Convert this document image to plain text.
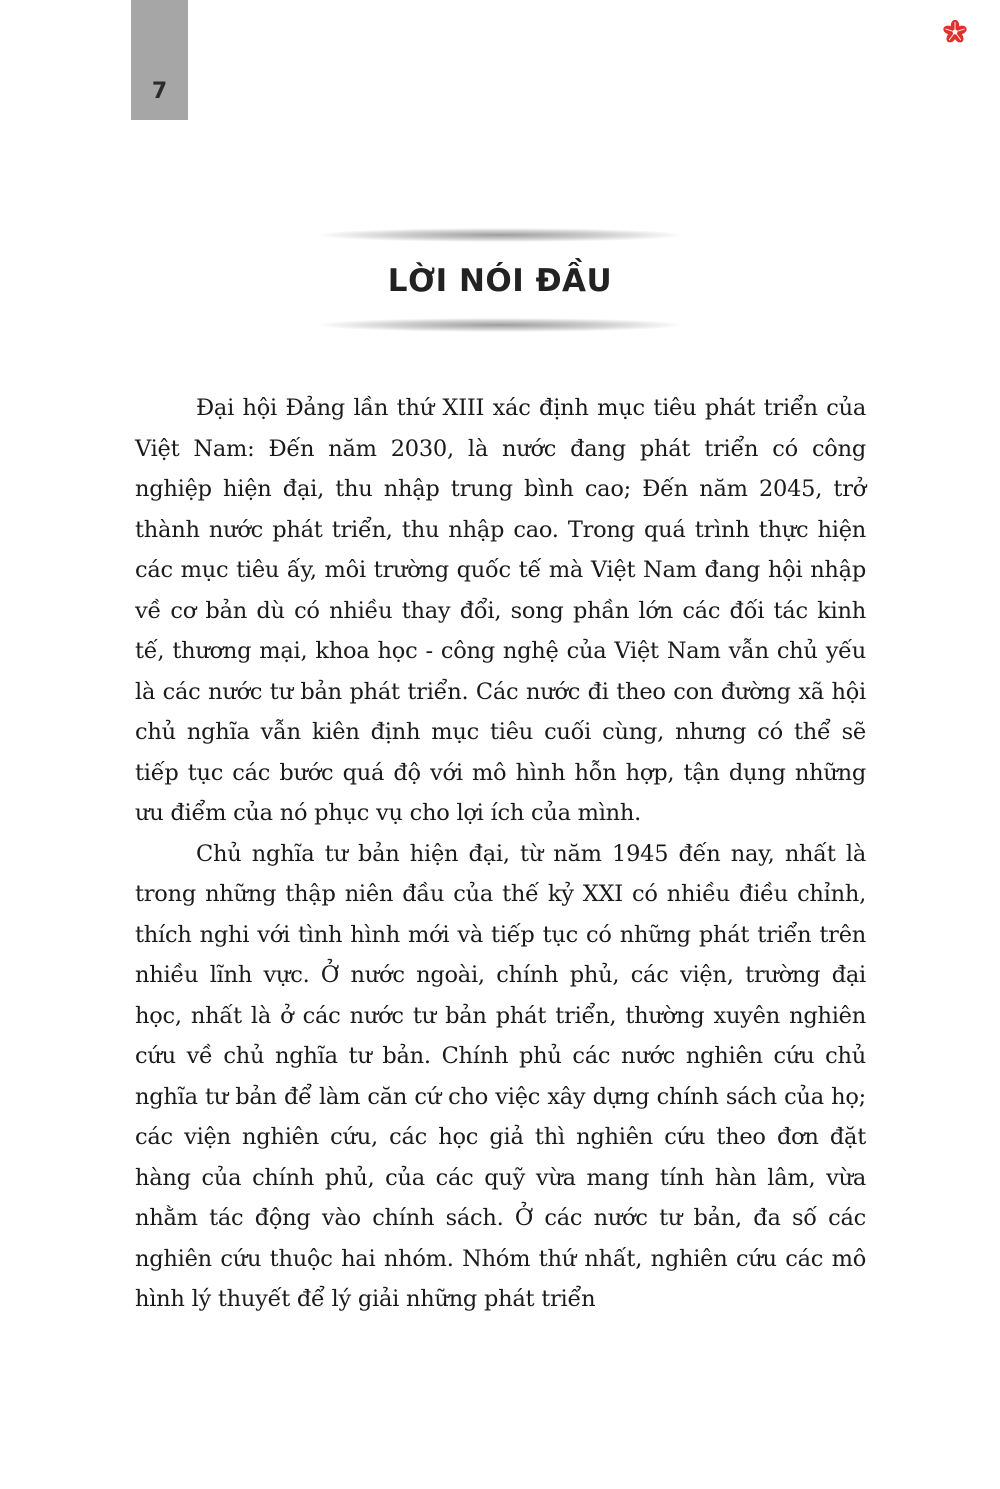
7
LỜI NÓI ĐẦU

Đại hội Đảng lần thứ XIII xác định mục tiêu phát triển của Việt Nam: Đến năm 2030, là nước đang phát triển có công nghiệp hiện đại, thu nhập trung bình cao; Đến năm 2045, trở thành nước phát triển, thu nhập cao. Trong quá trình thực hiện các mục tiêu ấy, môi trường quốc tế mà Việt Nam đang hội nhập về cơ bản dù có nhiều thay đổi, song phần lớn các đối tác kinh tế, thương mại, khoa học - công nghệ của Việt Nam vẫn chủ yếu là các nước tư bản phát triển. Các nước đi theo con đường xã hội chủ nghĩa vẫn kiên định mục tiêu cuối cùng, nhưng có thể sẽ tiếp tục các bước quá độ với mô hình hỗn hợp, tận dụng những ưu điểm của nó phục vụ cho lợi ích của mình.

Chủ nghĩa tư bản hiện đại, từ năm 1945 đến nay, nhất là trong những thập niên đầu của thế kỷ XXI có nhiều điều chỉnh, thích nghi với tình hình mới và tiếp tục có những phát triển trên nhiều lĩnh vực. Ở nước ngoài, chính phủ, các viện, trường đại học, nhất là ở các nước tư bản phát triển, thường xuyên nghiên cứu về chủ nghĩa tư bản. Chính phủ các nước nghiên cứu chủ nghĩa tư bản để làm căn cứ cho việc xây dựng chính sách của họ; các viện nghiên cứu, các học giả thì nghiên cứu theo đơn đặt hàng của chính phủ, của các quỹ vừa mang tính hàn lâm, vừa nhằm tác động vào chính sách. Ở các nước tư bản, đa số các nghiên cứu thuộc hai nhóm. Nhóm thứ nhất, nghiên cứu các mô hình lý thuyết để lý giải những phát triển
